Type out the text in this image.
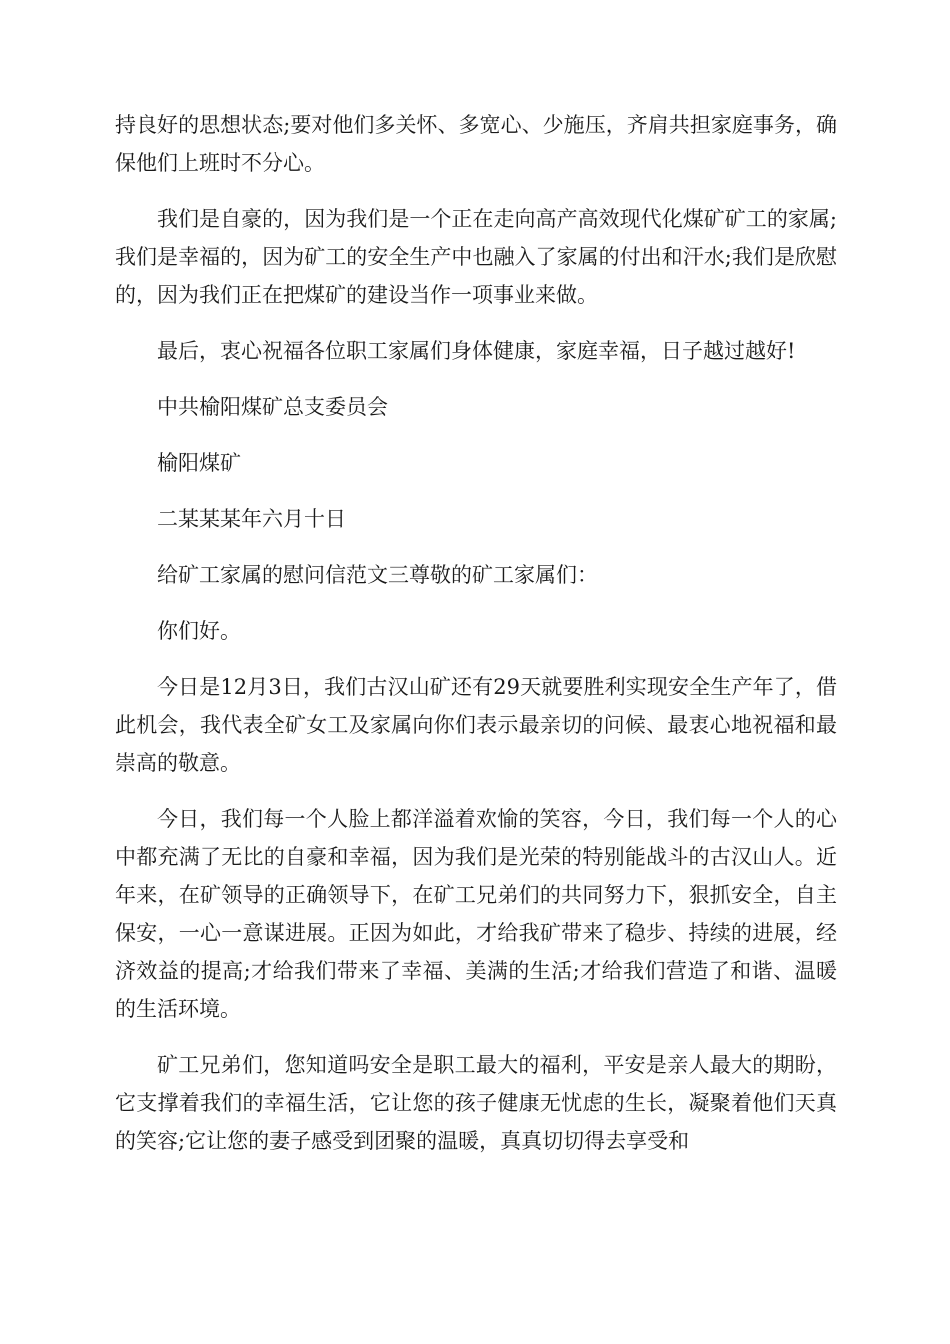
持良好的思想状态;要对他们多关怀、多宽心、少施压，齐肩共担家庭事务，确保他们上班时不分心。

我们是自豪的，因为我们是一个正在走向高产高效现代化煤矿矿工的家属;我们是幸福的，因为矿工的安全生产中也融入了家属的付出和汗水;我们是欣慰的，因为我们正在把煤矿的建设当作一项事业来做。

最后，衷心祝福各位职工家属们身体健康，家庭幸福，日子越过越好!

中共榆阳煤矿总支委员会

榆阳煤矿

二某某某年六月十日

给矿工家属的慰问信范文三尊敬的矿工家属们：

你们好。

今日是12月3日，我们古汉山矿还有29天就要胜利实现安全生产年了，借此机会，我代表全矿女工及家属向你们表示最亲切的问候、最衷心地祝福和最崇高的敬意。

今日，我们每一个人脸上都洋溢着欢愉的笑容，今日，我们每一个人的心中都充满了无比的自豪和幸福，因为我们是光荣的特别能战斗的古汉山人。近年来，在矿领导的正确领导下，在矿工兄弟们的共同努力下，狠抓安全，自主保安，一心一意谋进展。正因为如此，才给我矿带来了稳步、持续的进展，经济效益的提高;才给我们带来了幸福、美满的生活;才给我们营造了和谐、温暖的生活环境。

矿工兄弟们，您知道吗安全是职工最大的福利，平安是亲人最大的期盼，它支撑着我们的幸福生活，它让您的孩子健康无忧虑的生长，凝聚着他们天真的笑容;它让您的妻子感受到团聚的温暖，真真切切得去享受和
